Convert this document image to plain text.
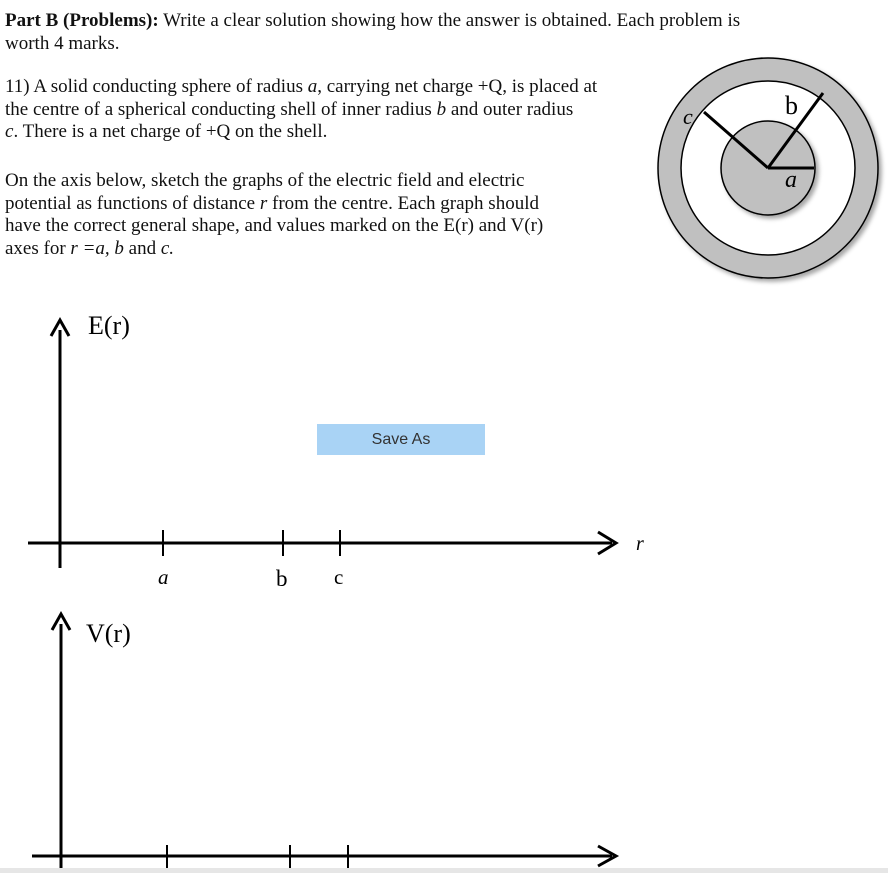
Part B (Problems): Write a clear solution showing how the answer is obtained. Each problem is
worth 4 marks.
11) A solid conducting sphere of radius a, carrying net charge +Q, is placed at
the centre of a spherical conducting shell of inner radius b and outer radius
c. There is a net charge of +Q on the shell.
On the axis below, sketch the graphs of the electric field and electric
potential as functions of distance r from the centre. Each graph should
have the correct general shape, and values marked on the E(r) and V(r)
axes for r =a, b and c.
c	b
a
E(r)
r
a	b c
V(r)
Save As
